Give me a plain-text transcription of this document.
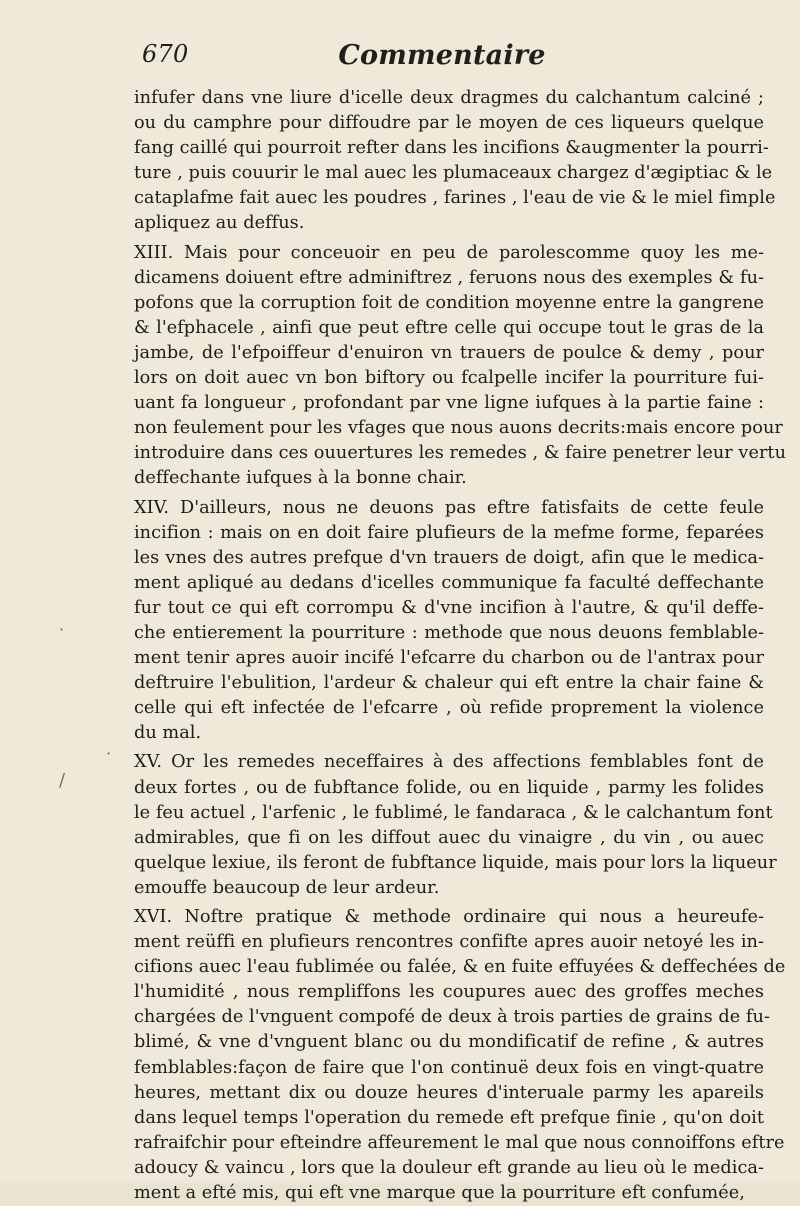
670	Commentaire
·
/
·
infufer dans vne liure d'icelle deux dragmes du calchantum calciné ;
ou du camphre pour diffoudre par le moyen de ces liqueurs quelque
fang caillé qui pourroit refter dans les incifions &augmenter la pourri-
ture , puis couurir le mal auec les plumaceaux chargez d'ægiptiac & le
cataplafme fait auec les poudres , farines , l'eau de vie & le miel fimple
apliquez au deffus.
XIII. Mais pour conceuoir en peu de parolescomme quoy les me-
dicamens doiuent eftre adminiftrez , feruons nous des exemples & fu-
pofons que la corruption foit de condition moyenne entre la gangrene
& l'efphacele , ainfi que peut eftre celle qui occupe tout le gras de la
jambe, de l'efpoiffeur d'enuiron vn trauers de poulce & demy , pour
lors on doit auec vn bon biftory ou fcalpelle incifer la pourriture fui-
uant fa longueur , profondant par vne ligne iufques à la partie faine :
non feulement pour les vfages que nous auons decrits:mais encore pour
introduire dans ces ouuertures les remedes , & faire penetrer leur vertu
deffechante iufques à la bonne chair.
XIV. D'ailleurs, nous ne deuons pas eftre fatisfaits de cette feule
incifion : mais on en doit faire plufieurs de la mefme forme, feparées
les vnes des autres prefque d'vn trauers de doigt, afin que le medica-
ment apliqué au dedans d'icelles communique fa faculté deffechante
fur tout ce qui eft corrompu & d'vne incifion à l'autre, & qu'il deffe-
che entierement la pourriture : methode que nous deuons femblable-
ment tenir apres auoir incifé l'efcarre du charbon ou de l'antrax pour
deftruire l'ebulition, l'ardeur & chaleur qui eft entre la chair faine &
celle qui eft infectée de l'efcarre , où refide proprement la violence
du mal.
XV. Or les remedes neceffaires à des affections femblables font de
deux fortes , ou de fubftance folide, ou en liquide , parmy les folides
le feu actuel , l'arfenic , le fublimé, le fandaraca , & le calchantum font
admirables, que fi on les diffout auec du vinaigre , du vin , ou auec
quelque lexiue, ils feront de fubftance liquide, mais pour lors la liqueur
emouffe beaucoup de leur ardeur.
XVI. Noftre pratique & methode ordinaire qui nous a heureufe-
ment reüffi en plufieurs rencontres confifte apres auoir netoyé les in-
cifions auec l'eau fublimée ou falée, & en fuite effuyées & deffechées de
l'humidité , nous rempliffons les coupures auec des groffes meches
chargées de l'vnguent compofé de deux à trois parties de grains de fu-
blimé, & vne d'vnguent blanc ou du mondificatif de refine , & autres
femblables:façon de faire que l'on continuë deux fois en vingt-quatre
heures, mettant dix ou douze heures d'interuale parmy les apareils
dans lequel temps l'operation du remede eft prefque finie , qu'on doit
rafraifchir pour efteindre affeurement le mal que nous connoiffons eftre
adoucy & vaincu , lors que la douleur eft grande au lieu où le medica-
ment a efté mis, qui eft vne marque que la pourriture eft confumée,
